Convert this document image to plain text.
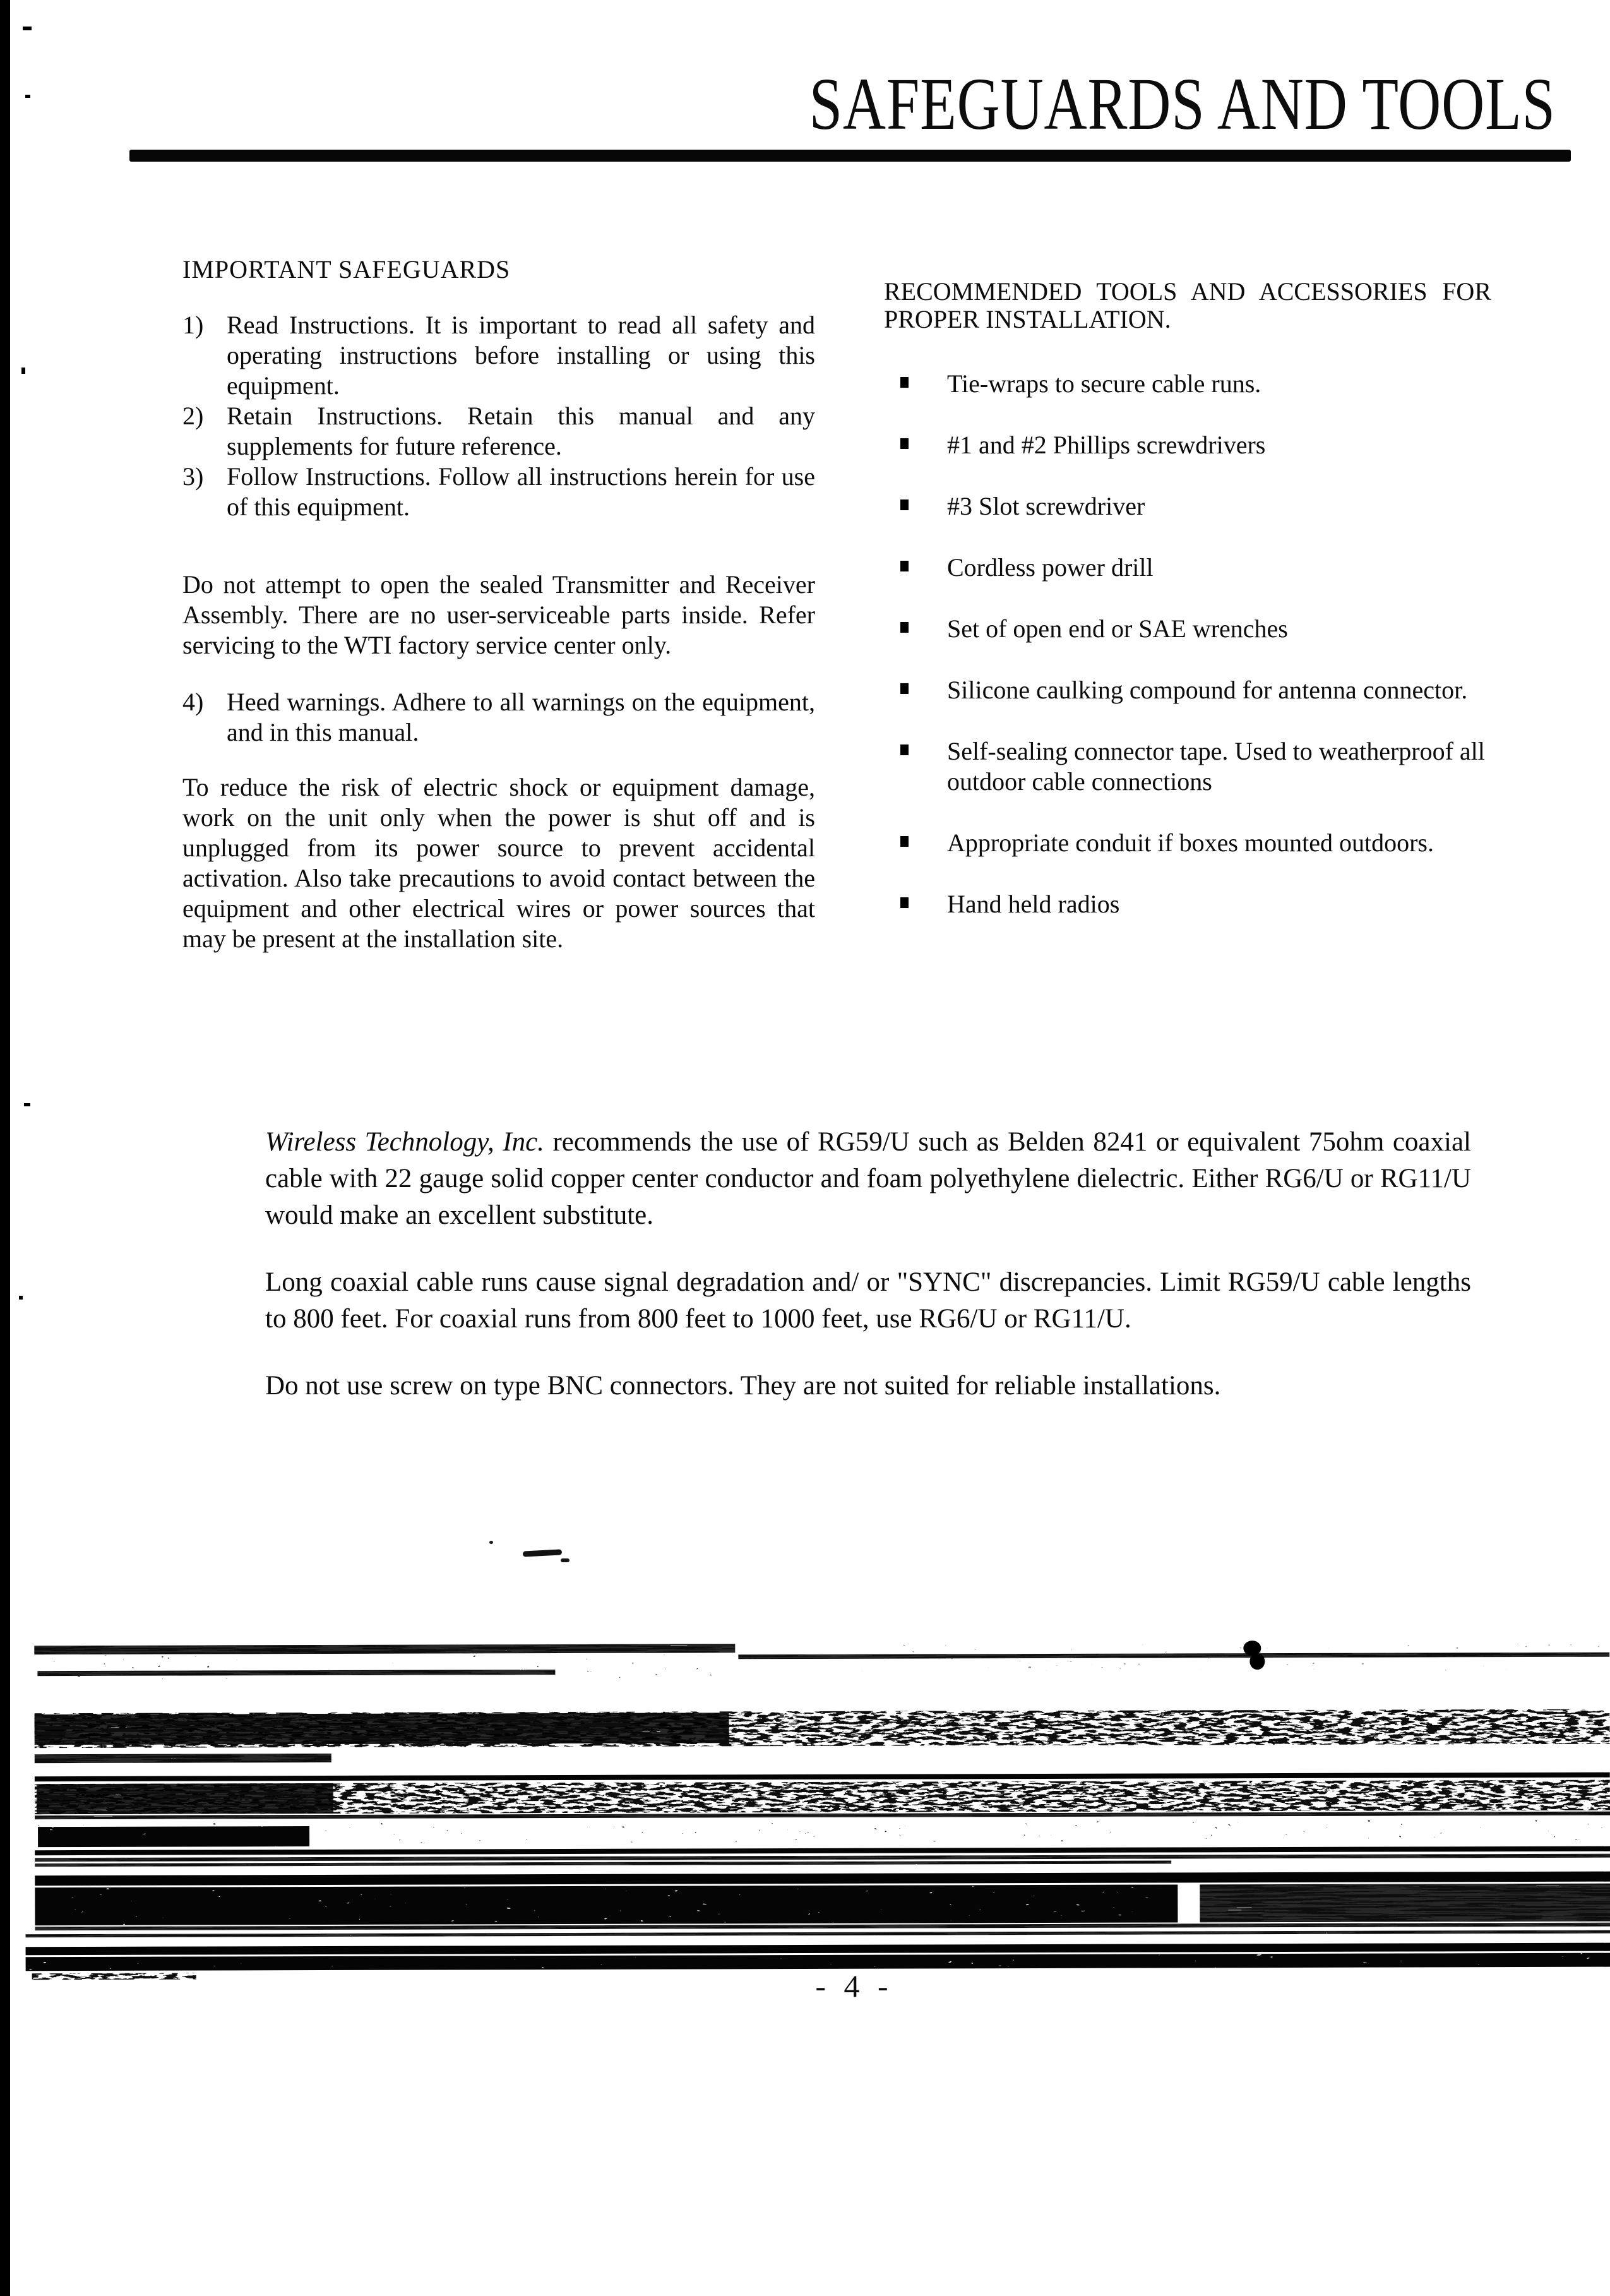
SAFEGUARDS AND TOOLS
IMPORTANT SAFEGUARDS
1) Read Instructions. It is important to read all safety and operating instructions before installing or using this equipment.
2) Retain Instructions. Retain this manual and any supplements for future reference.
3) Follow Instructions. Follow all instructions herein for use of this equipment.

Do not attempt to open the sealed Transmitter and Receiver Assembly. There are no user-serviceable parts inside. Refer servicing to the WTI factory service center only.

4) Heed warnings. Adhere to all warnings on the equipment, and in this manual.

To reduce the risk of electric shock or equipment damage, work on the unit only when the power is shut off and is unplugged from its power source to prevent accidental activation. Also take precautions to avoid contact between the equipment and other electrical wires or power sources that may be present at the installation site.

RECOMMENDED TOOLS AND ACCESSORIES FOR
PROPER INSTALLATION.
Tie-wraps to secure cable runs.
#1 and #2 Phillips screwdrivers
#3 Slot screwdriver
Cordless power drill
Set of open end or SAE wrenches
Silicone caulking compound for antenna connector.
Self-sealing connector tape. Used to weatherproof all outdoor cable connections
Appropriate conduit if boxes mounted outdoors.
Hand held radios

Wireless Technology, Inc. recommends the use of RG59/U such as Belden 8241 or equivalent 75ohm coaxial cable with 22 gauge solid copper center conductor and foam polyethylene dielectric. Either RG6/U or RG11/U would make an excellent substitute.

Long coaxial cable runs cause signal degradation and/ or "SYNC" discrepancies. Limit RG59/U cable lengths to 800 feet. For coaxial runs from 800 feet to 1000 feet, use RG6/U or RG11/U.

Do not use screw on type BNC connectors. They are not suited for reliable installations.

- 4 -
